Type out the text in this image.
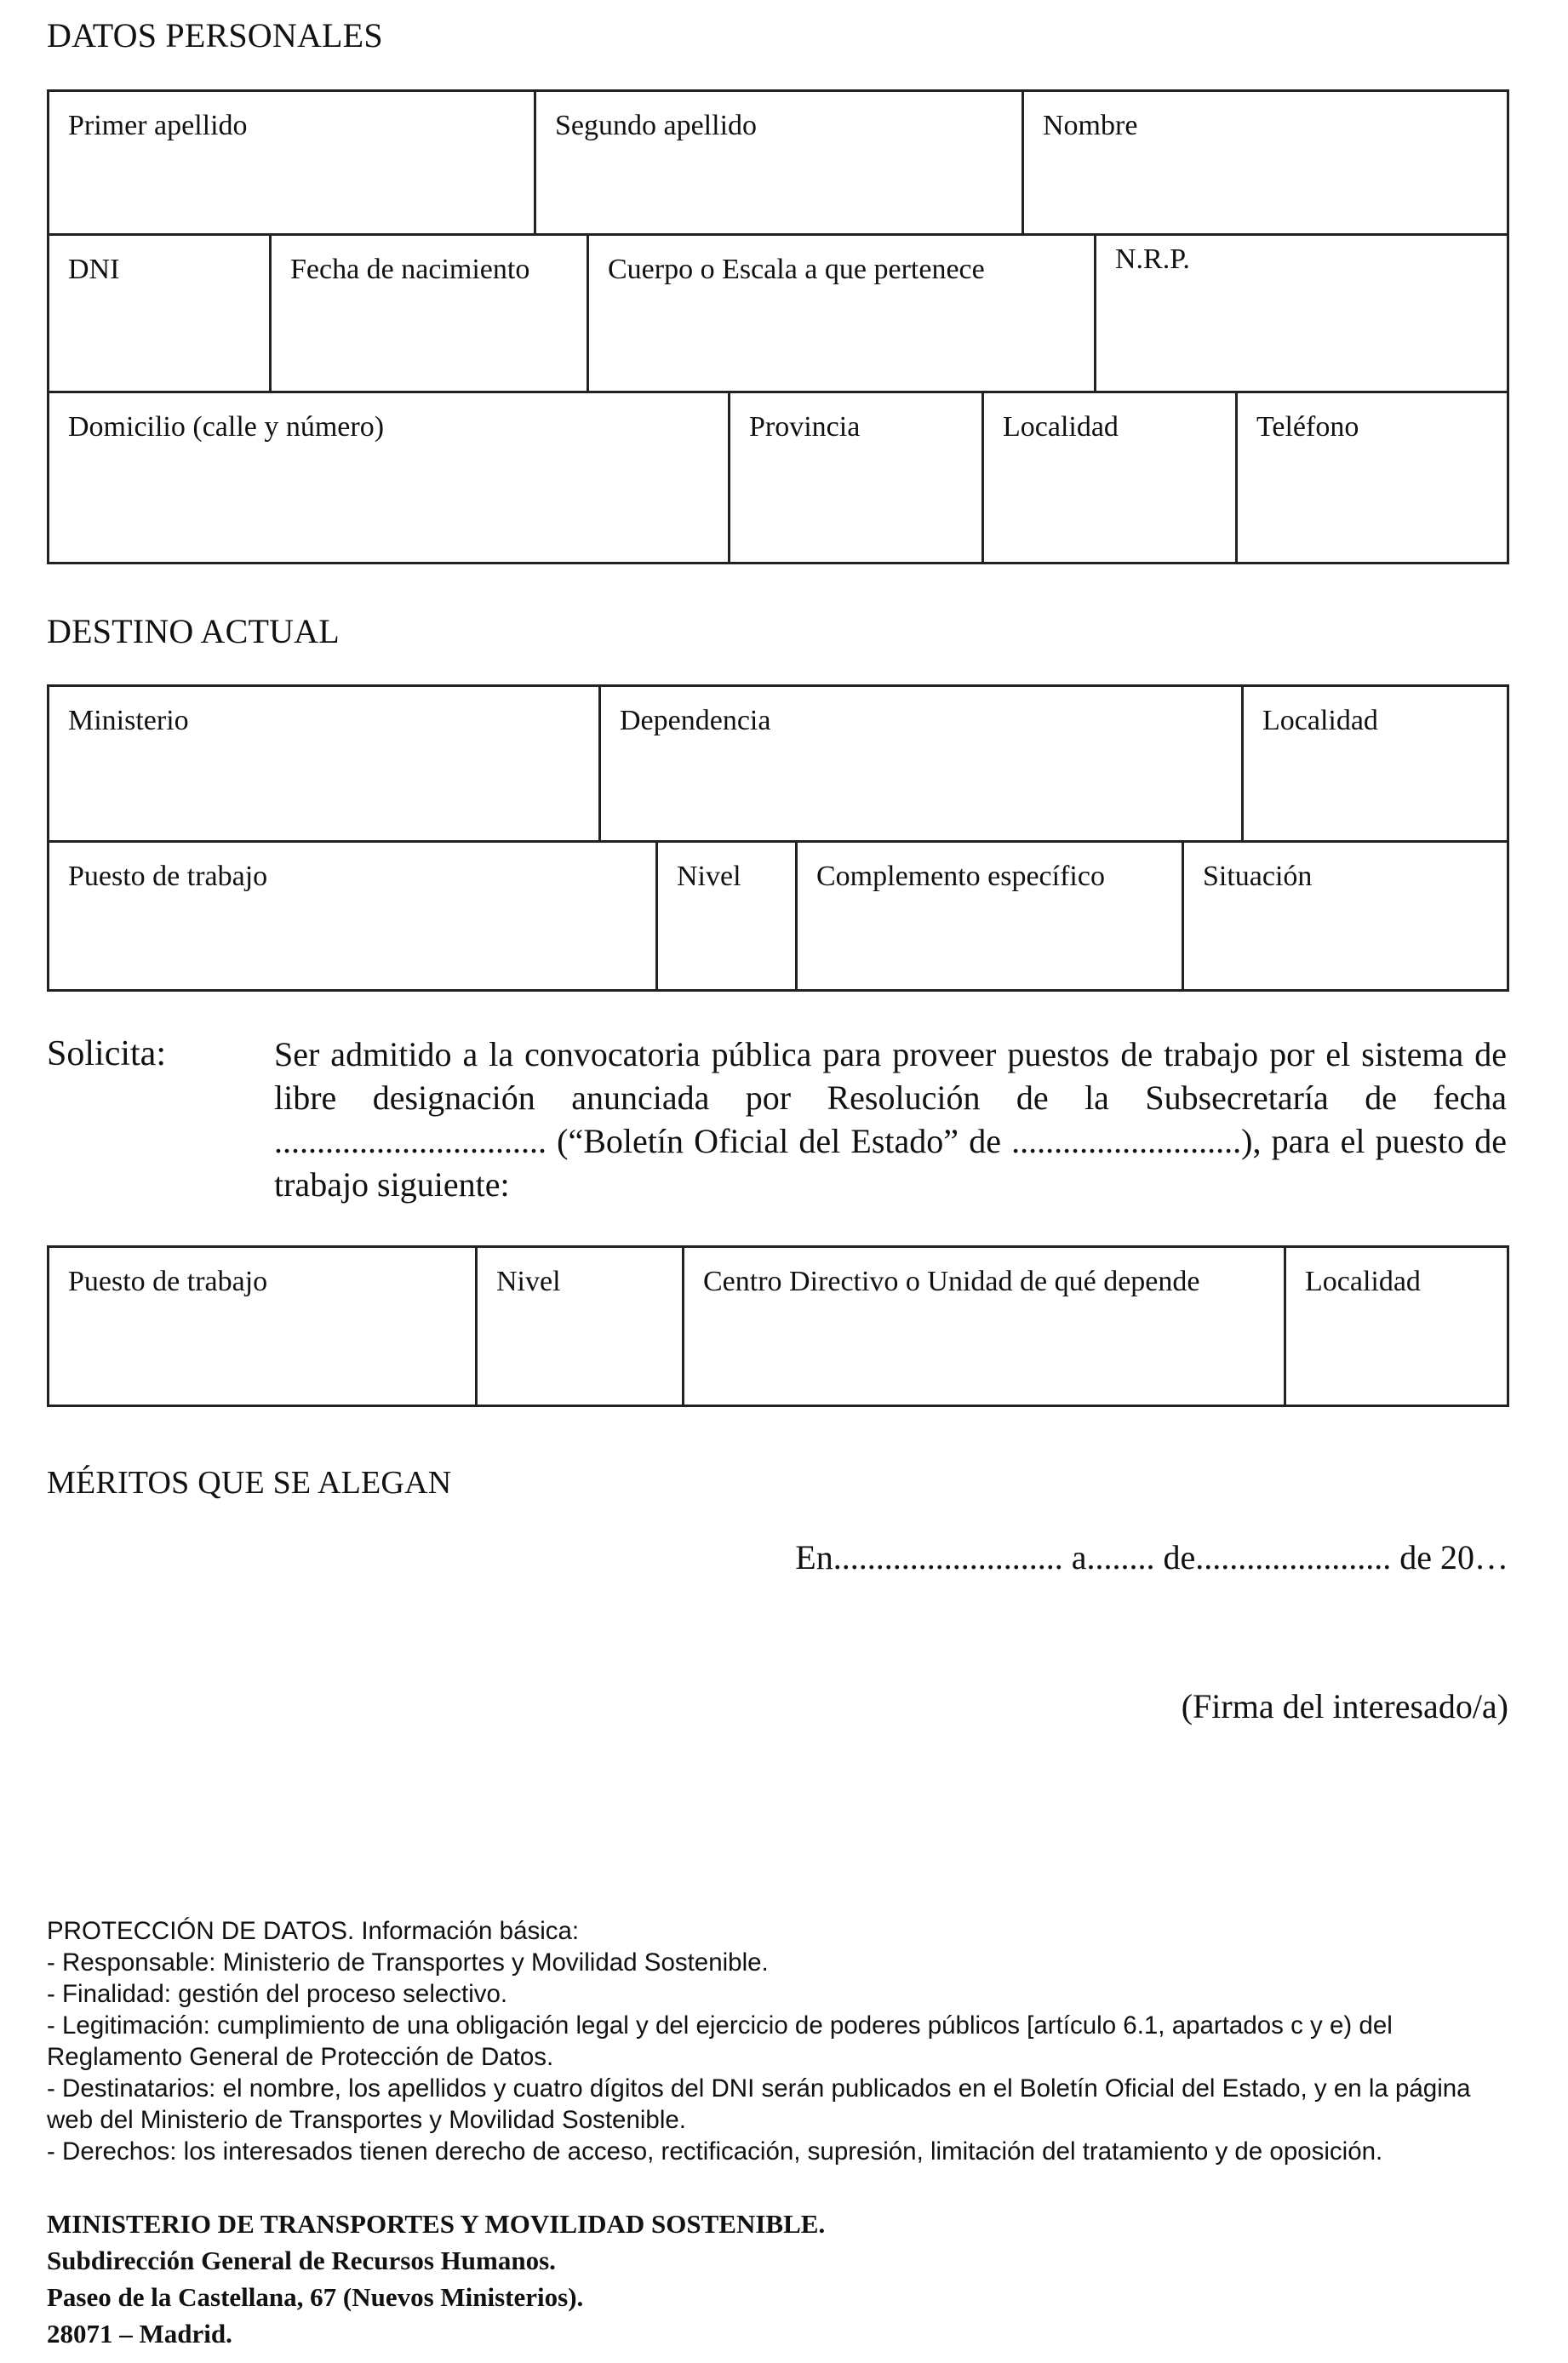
DATOS PERSONALES
Primer apellido	Segundo apellido	Nombre
DNI	Fecha de nacimiento	Cuerpo o Escala a que pertenece	N.R.P.
Domicilio (calle y número)	Provincia	Localidad	Teléfono
DESTINO ACTUAL
Ministerio	Dependencia	Localidad
Puesto de trabajo	Nivel	Complemento específico	Situación
Solicita:	Ser admitido a la convocatoria pública para proveer puestos de trabajo por el sistema de libre designación anunciada por Resolución de la Subsecretaría de fecha ................................ (“Boletín Oficial del Estado” de ...........................), para el puesto de trabajo siguiente:
Puesto de trabajo	Nivel	Centro Directivo o Unidad de qué depende	Localidad
MÉRITOS QUE SE ALEGAN
En........................... a........ de....................... de 20…
(Firma del interesado/a)
PROTECCIÓN DE DATOS. Información básica:
- Responsable: Ministerio de Transportes y Movilidad Sostenible.
- Finalidad: gestión del proceso selectivo.
- Legitimación: cumplimiento de una obligación legal y del ejercicio de poderes públicos [artículo 6.1, apartados c y e) del Reglamento General de Protección de Datos.
- Destinatarios: el nombre, los apellidos y cuatro dígitos del DNI serán publicados en el Boletín Oficial del Estado, y en la página web del Ministerio de Transportes y Movilidad Sostenible.
- Derechos: los interesados tienen derecho de acceso, rectificación, supresión, limitación del tratamiento y de oposición.
MINISTERIO DE TRANSPORTES Y MOVILIDAD SOSTENIBLE.
Subdirección General de Recursos Humanos.
Paseo de la Castellana, 67 (Nuevos Ministerios).
28071 – Madrid.
